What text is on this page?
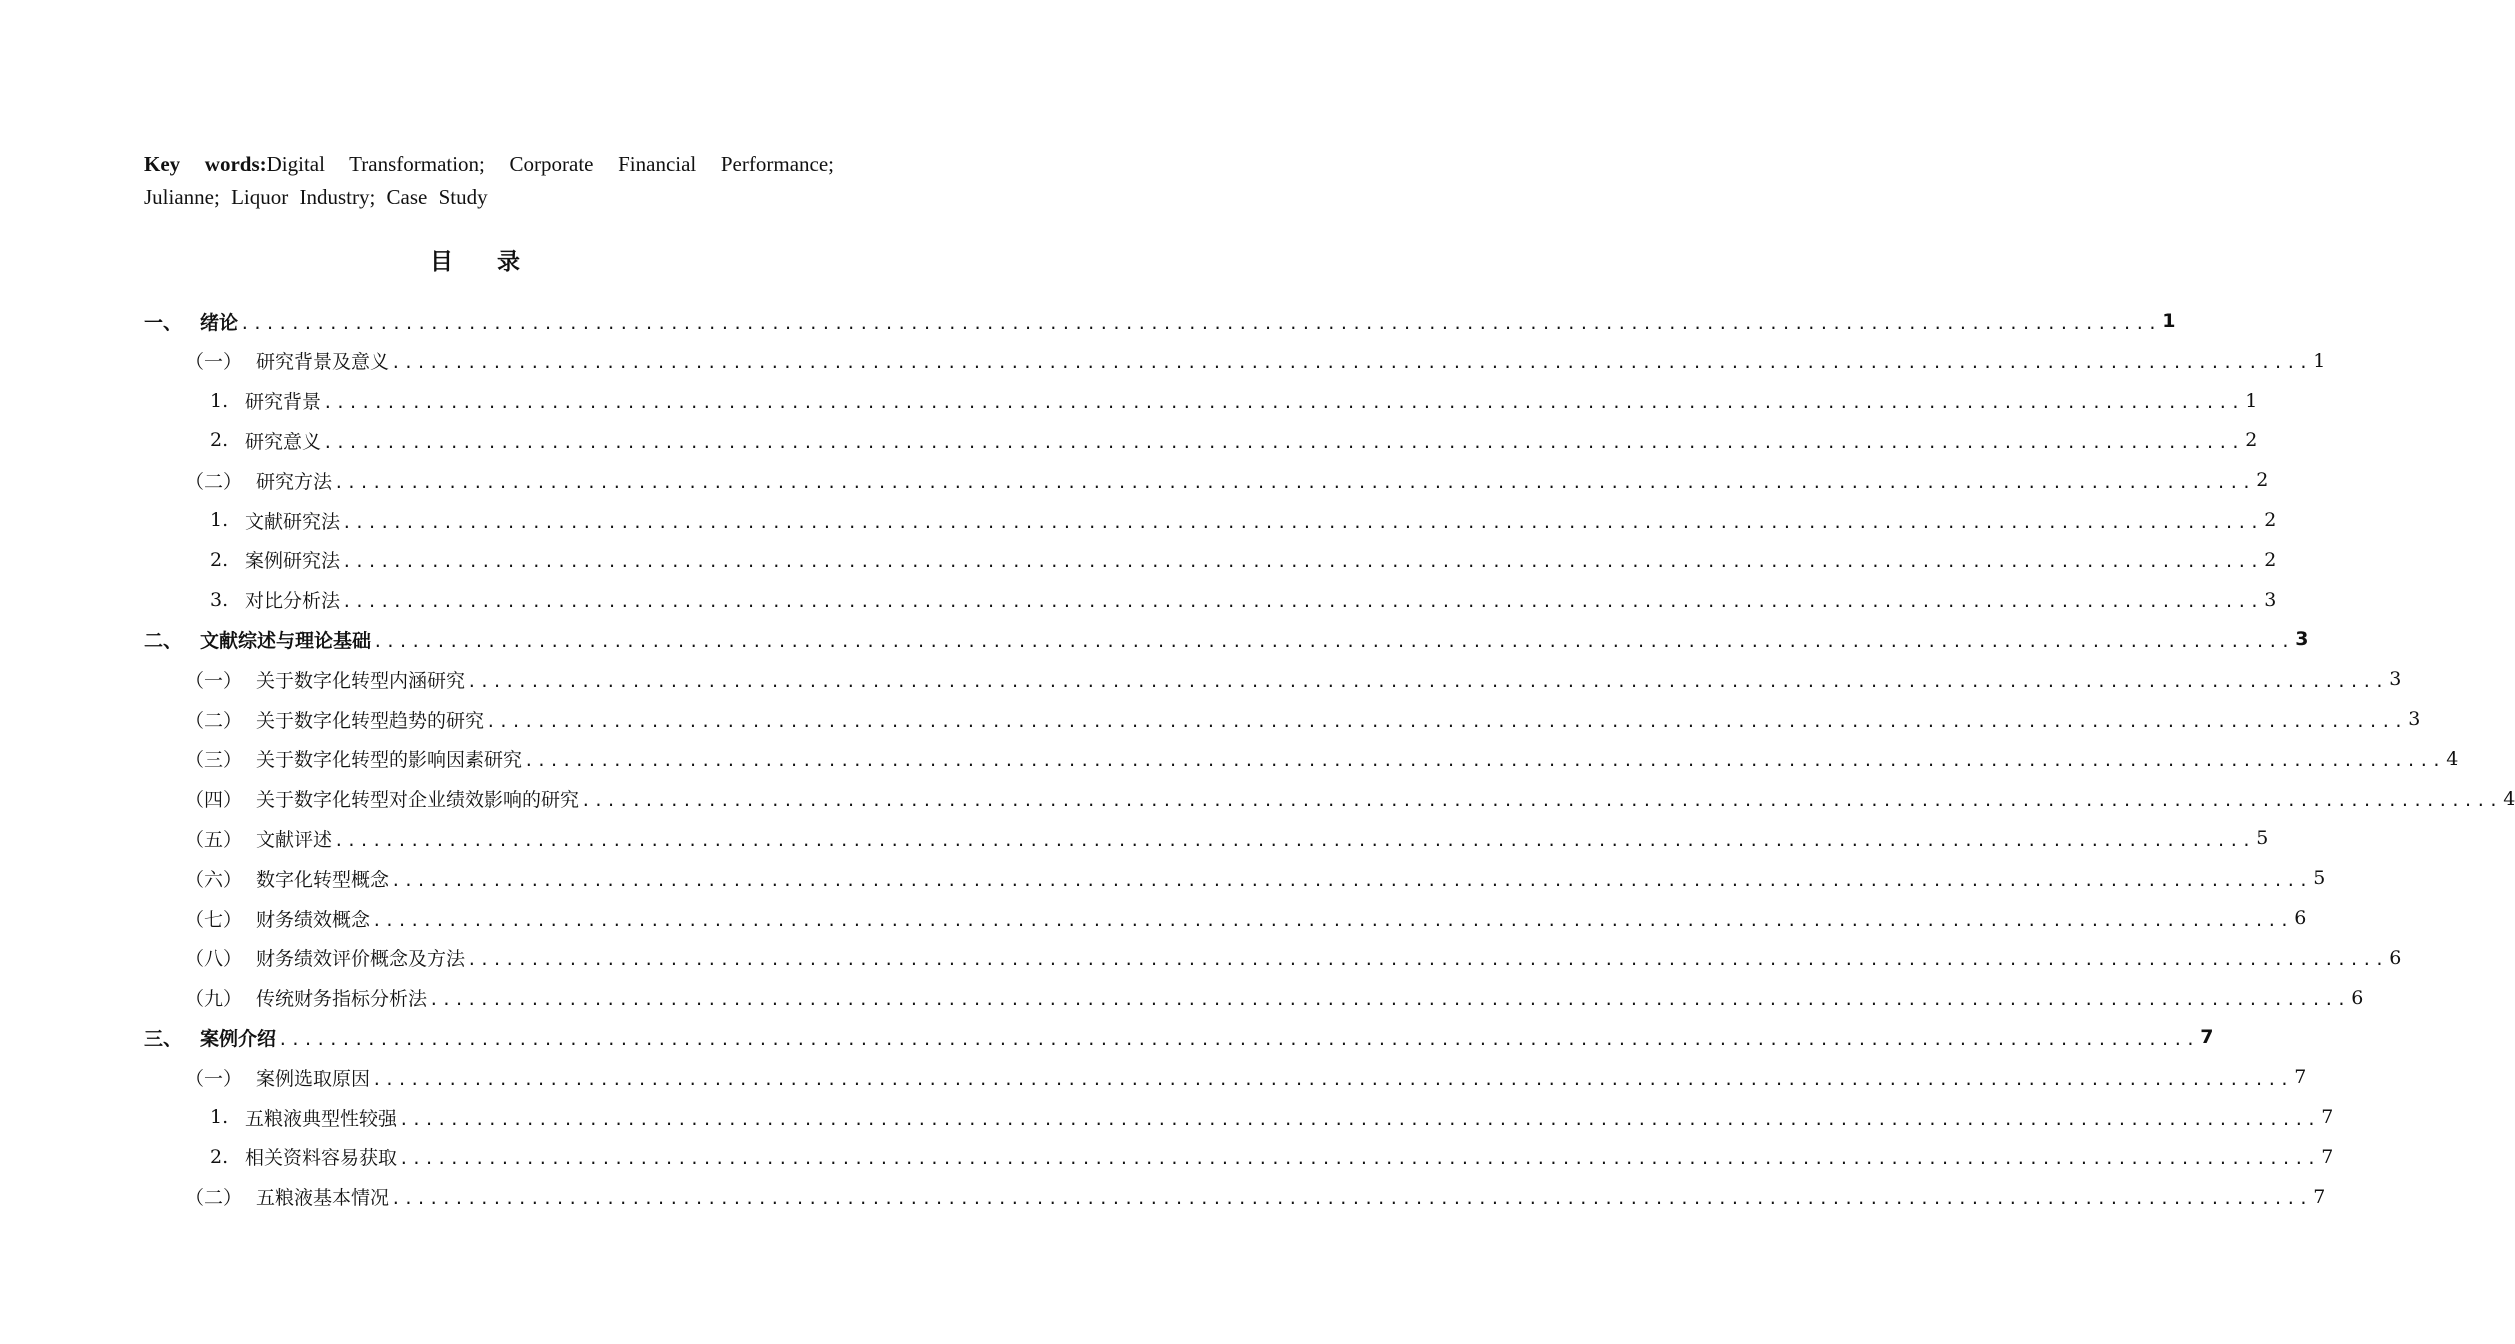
Key words:Digital Transformation; Corporate Financial Performance;
Julianne; Liquor Industry; Case Study

目录
一、 绪论 ........................................................................................................................................................ 1
（一） 研究背景及意义 ........................................................................................................................................................ 1
1. 研究背景 ........................................................................................................................................................ 1
2. 研究意义 ........................................................................................................................................................ 2
（二） 研究方法 ........................................................................................................................................................ 2
1. 文献研究法 ........................................................................................................................................................ 2
2. 案例研究法 ........................................................................................................................................................ 2
3. 对比分析法 ........................................................................................................................................................ 3
二、 文献综述与理论基础 ........................................................................................................................................................ 3
（一） 关于数字化转型内涵研究 ........................................................................................................................................................ 3
（二） 关于数字化转型趋势的研究 ........................................................................................................................................................ 3
（三） 关于数字化转型的影响因素研究 ........................................................................................................................................................ 4
（四） 关于数字化转型对企业绩效影响的研究 ........................................................................................................................................................ 4
（五） 文献评述 ........................................................................................................................................................ 5
（六） 数字化转型概念 ........................................................................................................................................................ 5
（七） 财务绩效概念 ........................................................................................................................................................ 6
（八） 财务绩效评价概念及方法 ........................................................................................................................................................ 6
（九） 传统财务指标分析法 ........................................................................................................................................................ 6
三、 案例介绍 ........................................................................................................................................................ 7
（一） 案例选取原因 ........................................................................................................................................................ 7
1. 五粮液典型性较强 ........................................................................................................................................................ 7
2. 相关资料容易获取 ........................................................................................................................................................ 7
（二） 五粮液基本情况 ........................................................................................................................................................ 7
